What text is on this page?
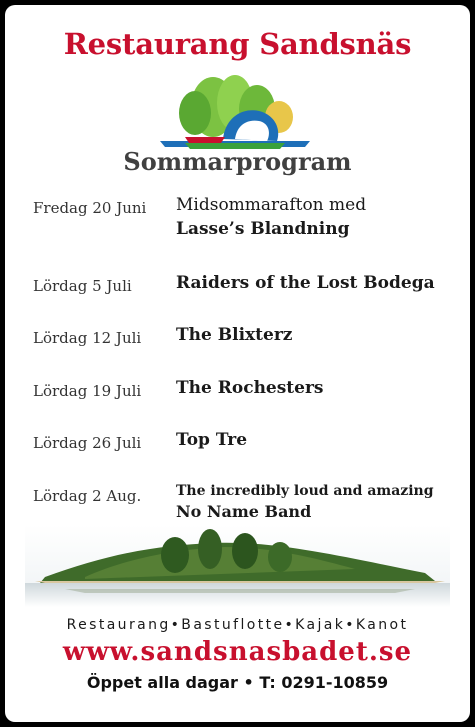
Restaurang Sandsnäs
Sommarprogram
Fredag 20 Juni Midsommarafton med
Lasse’s Blandning
Lördag 5 Juli	Raiders of the Lost Bodega
Lördag 12 Juli The Blixterz
Lördag 19 Juli The Rochesters
Lördag 26 Juli Top Tre
Lördag 2 Aug. The incredibly loud and amazing
No Name Band
Restaurang•Bastuflotte•Kajak•Kanot
www.sandsnasbadet.se
Öppet alla dagar • T: 0291-10859
